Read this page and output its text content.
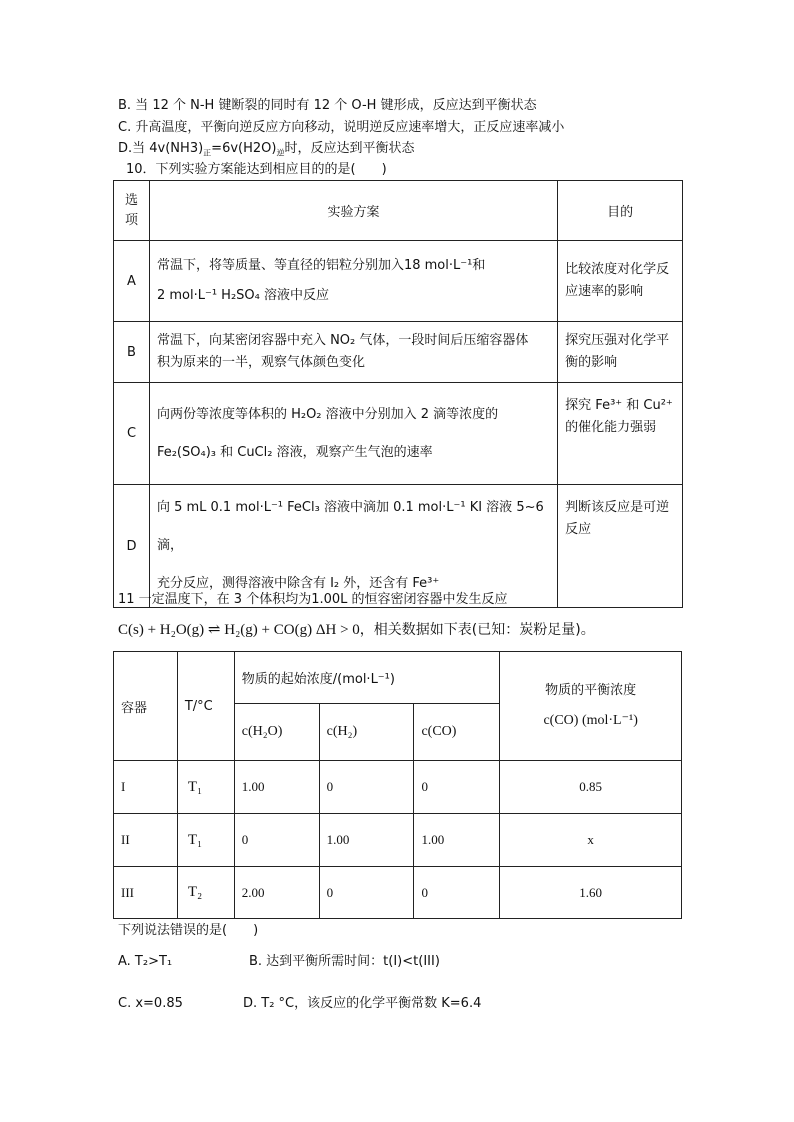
B. 当 12 个 N-H 键断裂的同时有 12 个 O-H 键形成，反应达到平衡状态
C. 升高温度，平衡向逆反应方向移动，说明逆反应速率增大，正反应速率减小
D.当 $4v(NH3)_正=6v(H2O)_逆$时，反应达到平衡状态
10．下列实验方案能达到相应目的的是(　　)
选项	实验方案	目的
A	常温下，将等质量、等直径的铝粒分别加入18 mol·L⁻¹和
2 mol·L⁻¹ H₂SO₄ 溶液中反应	比较浓度对化学反应速率的影响

B	常温下，向某密闭容器中充入 NO₂ 气体，一段时间后压缩容器体
积为原来的一半，观察气体颜色变化	探究压强对化学平衡的影响

C	向两份等浓度等体积的 H₂O₂ 溶液中分别加入 2 滴等浓度的
Fe₂(SO₄)₃ 和 CuCl₂ 溶液，观察产生气泡的速率	探究 Fe³⁺ 和 Cu²⁺ 的催化能力强弱

D	向 5 mL 0.1 mol·L⁻¹ FeCl₃ 溶液中滴加 0.1 mol·L⁻¹ KI 溶液 5~6 滴，
充分反应，测得溶液中除含有 I₂ 外，还含有 Fe³⁺	判断该反应是可逆反应
11 一定温度下，在 3 个体积均为1.00L 的恒容密闭容器中发生反应
C(s) + H₂O(g) ⇌ H₂(g) + CO(g) ΔH > 0，相关数据如下表(已知：炭粉足量)。
容器	T/°C	物质的起始浓度/(mol·L⁻¹)			物质的平衡浓度
c(CO) (mol·L⁻¹)

		c(H₂O)	c(H₂)	c(CO)	
I	T₁	1.00	0	0	0.85
II	T₁	0	1.00	1.00	x
III	T₂	2.00	0	0	1.60
下列说法错误的是(　　)
A. T₂>T₁	B. 达到平衡所需时间：t(I)<t(III)
C. x=0.85	D. T₂ °C，该反应的化学平衡常数 K=6.4
